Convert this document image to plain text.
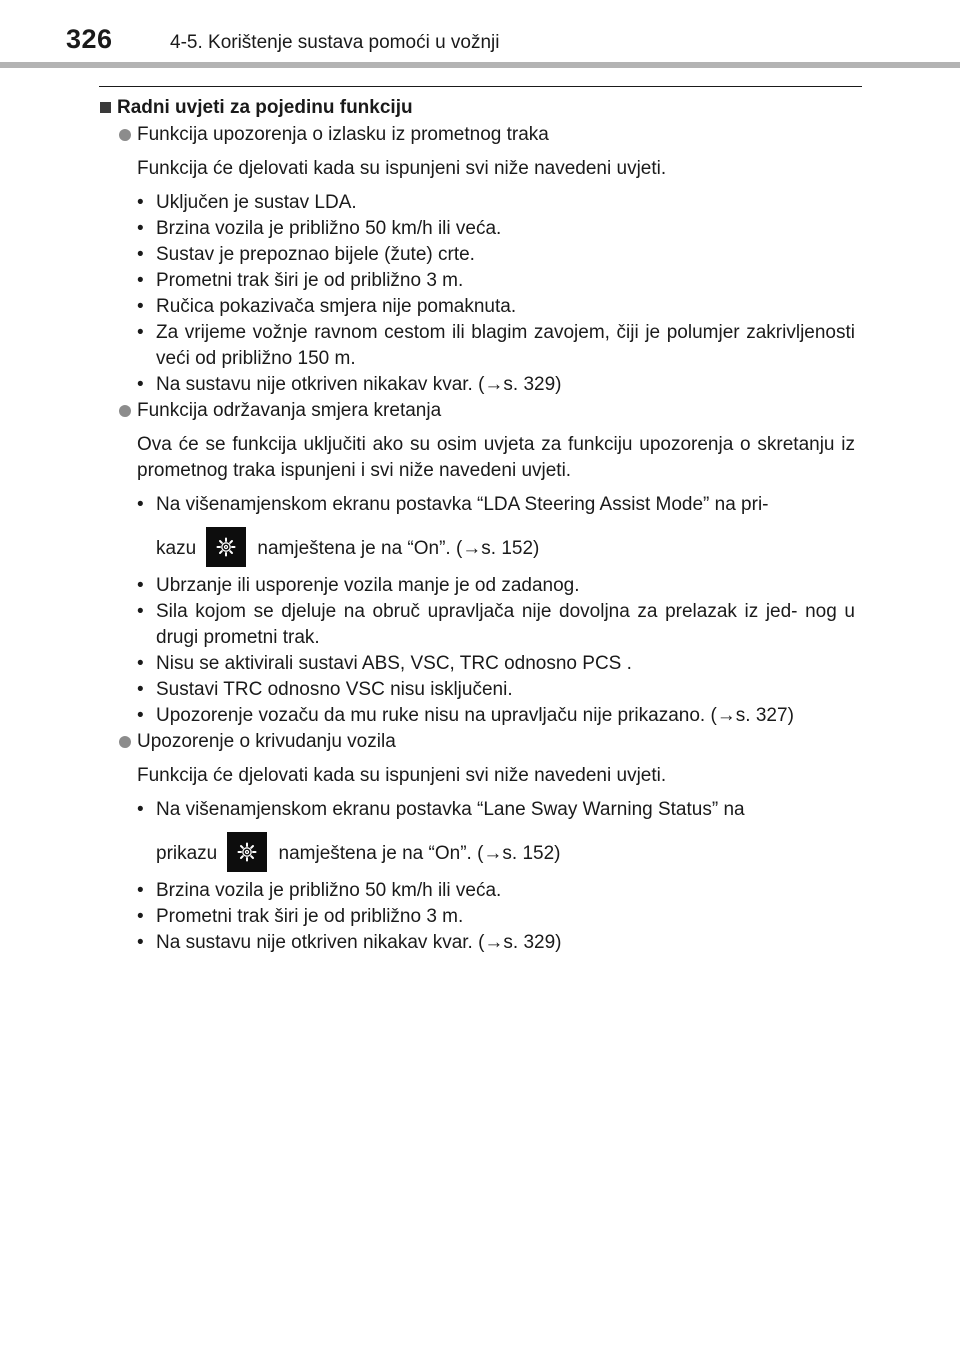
326	4-5. Korištenje sustava pomoći u vožnji
Radni uvjeti za pojedinu funkciju
Funkcija upozorenja o izlasku iz prometnog traka

Funkcija će djelovati kada su ispunjeni svi niže navedeni uvjeti.

• Uključen je sustav LDA.
• Brzina vozila je približno 50 km/h ili veća.
• Sustav je prepoznao bijele (žute) crte.
• Prometni trak širi je od približno 3 m.
• Ručica pokazivača smjera nije pomaknuta.
• Za vrijeme vožnje ravnom cestom ili blagim zavojem, čiji je polumjer zakrivljenosti veći od približno 150 m.
• Na sustavu nije otkriven nikakav kvar. (→s. 329)
Funkcija održavanja smjera kretanja

Ova će se funkcija uključiti ako su osim uvjeta za funkciju upozorenja o skretanju iz prometnog traka ispunjeni i svi niže navedeni uvjeti.

• Na višenamjenskom ekranu postavka “LDA Steering Assist Mode” na pri-
kazu	namještena je na “On”. (→s. 152)
• Ubrzanje ili usporenje vozila manje je od zadanog.
• Sila kojom se djeluje na obruč upravljača nije dovoljna za prelazak iz jed- nog u drugi prometni trak.
• Nisu se aktivirali sustavi ABS, VSC, TRC odnosno PCS .
• Sustavi TRC odnosno VSC nisu isključeni.
• Upozorenje vozaču da mu ruke nisu na upravljaču nije prikazano. (→s. 327)
Upozorenje o krivudanju vozila

Funkcija će djelovati kada su ispunjeni svi niže navedeni uvjeti.

• Na višenamjenskom ekranu postavka “Lane Sway Warning Status” na
prikazu	namještena je na “On”. (→s. 152)
• Brzina vozila je približno 50 km/h ili veća.
• Prometni trak širi je od približno 3 m.
• Na sustavu nije otkriven nikakav kvar. (→s. 329)
